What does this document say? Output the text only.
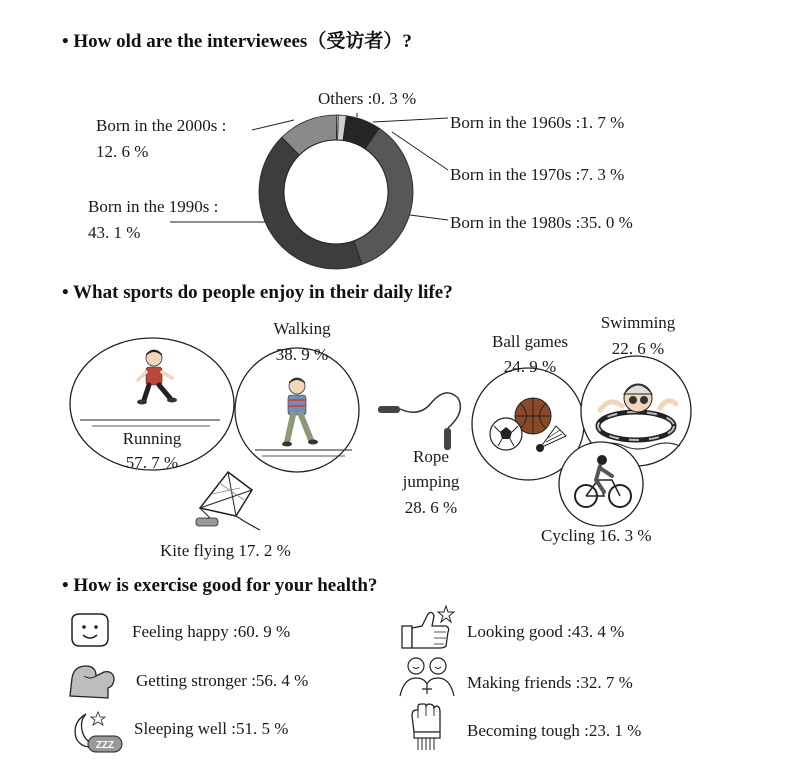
• How old are the interviewees（受访者）?
Others :0. 3 %
Born in the 1960s :1. 7 %
Born in the 1970s :7. 3 %
Born in the 1980s :35. 0 %
Born in the 2000s :
12. 6 %
Born in the 1990s :
43. 1 %
• What sports do people enjoy in their daily life?
Walking
38. 9 %
Running
57. 7 %
Kite flying 17. 2 %
Rope
jumping
28. 6 %
Ball games
24. 9 %
Swimming
22. 6 %
Cycling 16. 3 %
• How is exercise good for your health?
ZZZ
Feeling happy :60. 9 %
Getting stronger :56. 4 %
Sleeping well :51. 5 %
Looking good :43. 4 %
Making friends :32. 7 %
Becoming tough :23. 1 %
